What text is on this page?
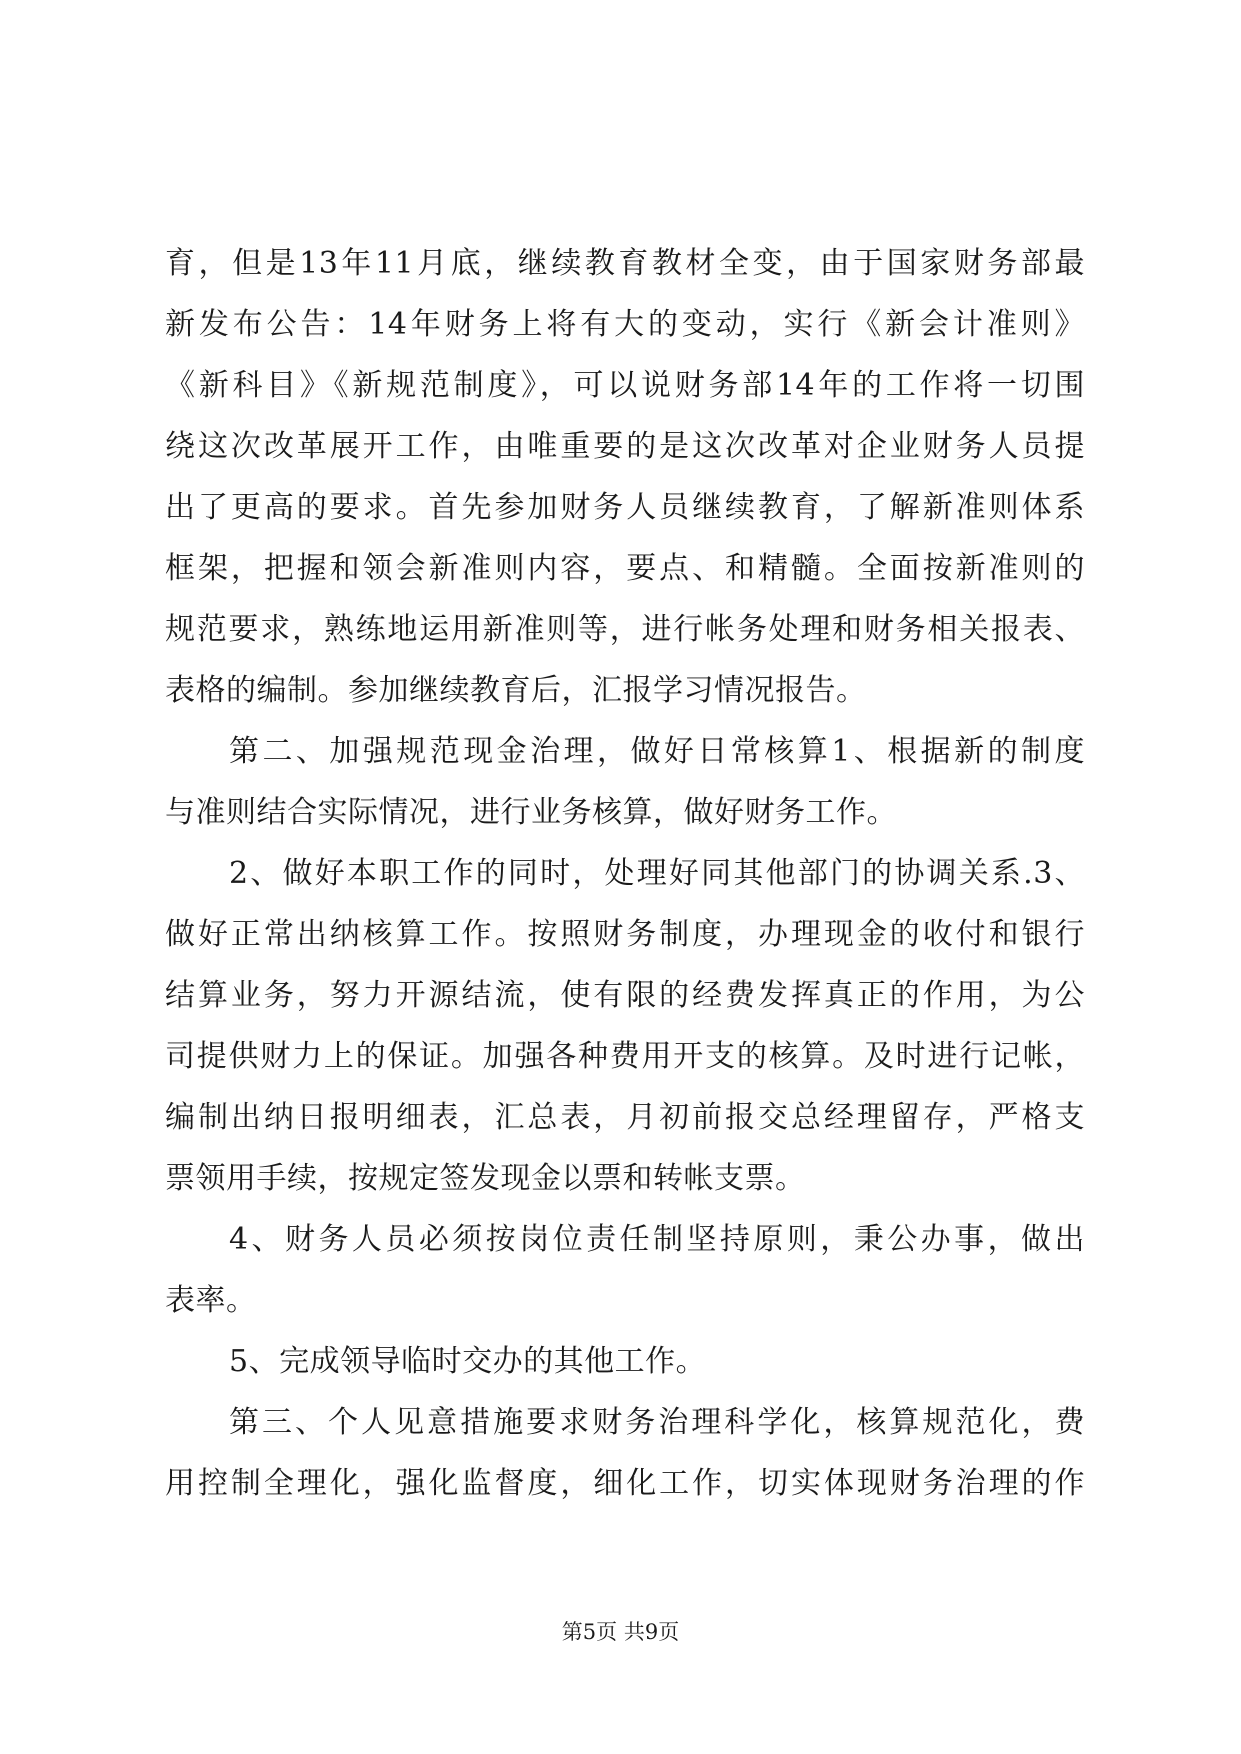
育，但是13年11月底，继续教育教材全变，由于国家财务部最
新发布公告：14年财务上将有大的变动，实行《新会计准则》
《新科目》《新规范制度》，可以说财务部14年的工作将一切围
绕这次改革展开工作，由唯重要的是这次改革对企业财务人员提
出了更高的要求。首先参加财务人员继续教育，了解新准则体系
框架，把握和领会新准则内容，要点、和精髓。全面按新准则的
规范要求，熟练地运用新准则等，进行帐务处理和财务相关报表、
表格的编制。参加继续教育后，汇报学习情况报告。
第二、加强规范现金治理，做好日常核算1、根据新的制度
与准则结合实际情况，进行业务核算，做好财务工作。
2、做好本职工作的同时，处理好同其他部门的协调关系.3、
做好正常出纳核算工作。按照财务制度，办理现金的收付和银行
结算业务，努力开源结流，使有限的经费发挥真正的作用，为公
司提供财力上的保证。加强各种费用开支的核算。及时进行记帐，
编制出纳日报明细表，汇总表，月初前报交总经理留存，严格支
票领用手续，按规定签发现金以票和转帐支票。
4、财务人员必须按岗位责任制坚持原则，秉公办事，做出
表率。
5、完成领导临时交办的其他工作。
第三、个人见意措施要求财务治理科学化，核算规范化，费
用控制全理化，强化监督度，细化工作，切实体现财务治理的作
第5页 共9页
